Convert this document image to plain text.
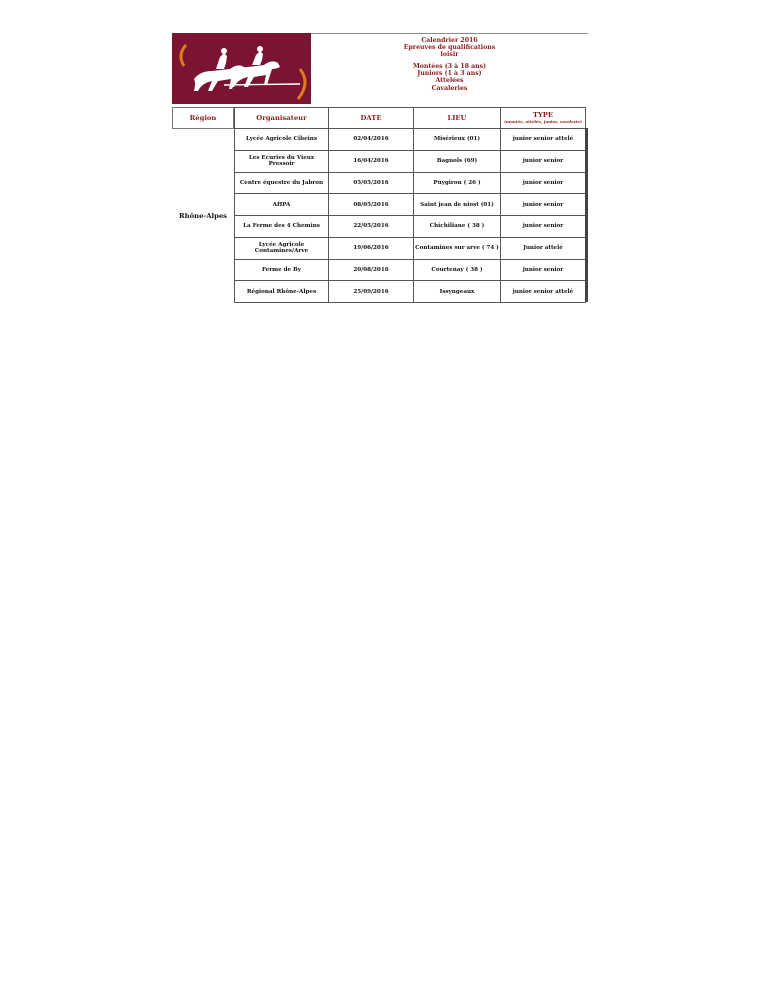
Calendrier 2016
Epreuves de qualifications
loisir
Montées (3 à 18 ans)
Juniors (1 à 3 ans)
Attelées
Cavaleries
Région
Rhône-Alpes
Organisateur	DATE	LIEU	TYPE
(montée, attelée, junior, cavalerie)
Lycée Agricole Cibeins	02/04/2016	Misérieux (01)	junior senior attelé
Les Ecuries du Vieux Pressoir	16/04/2016	Bagnols (69)	junior senior
Centre équestre du Jabron	05/05/2016	Puygiron ( 26 )	junior senior
AHPA	08/05/2016	Saint jean de niost (01)	junior senior
La Ferme des 4 Chemins	22/05/2016	Chichiliane ( 38 )	junior senior
Lycée Agricole Contamines/Arve	19/06/2016	Contamines sur arve ( 74 )	Junior attelé
Ferme de By	20/08/2016	Courtenay ( 38 )	junior senior
Régional Rhône-Alpes	25/09/2016	Issyngeaux	junior senior attelé
